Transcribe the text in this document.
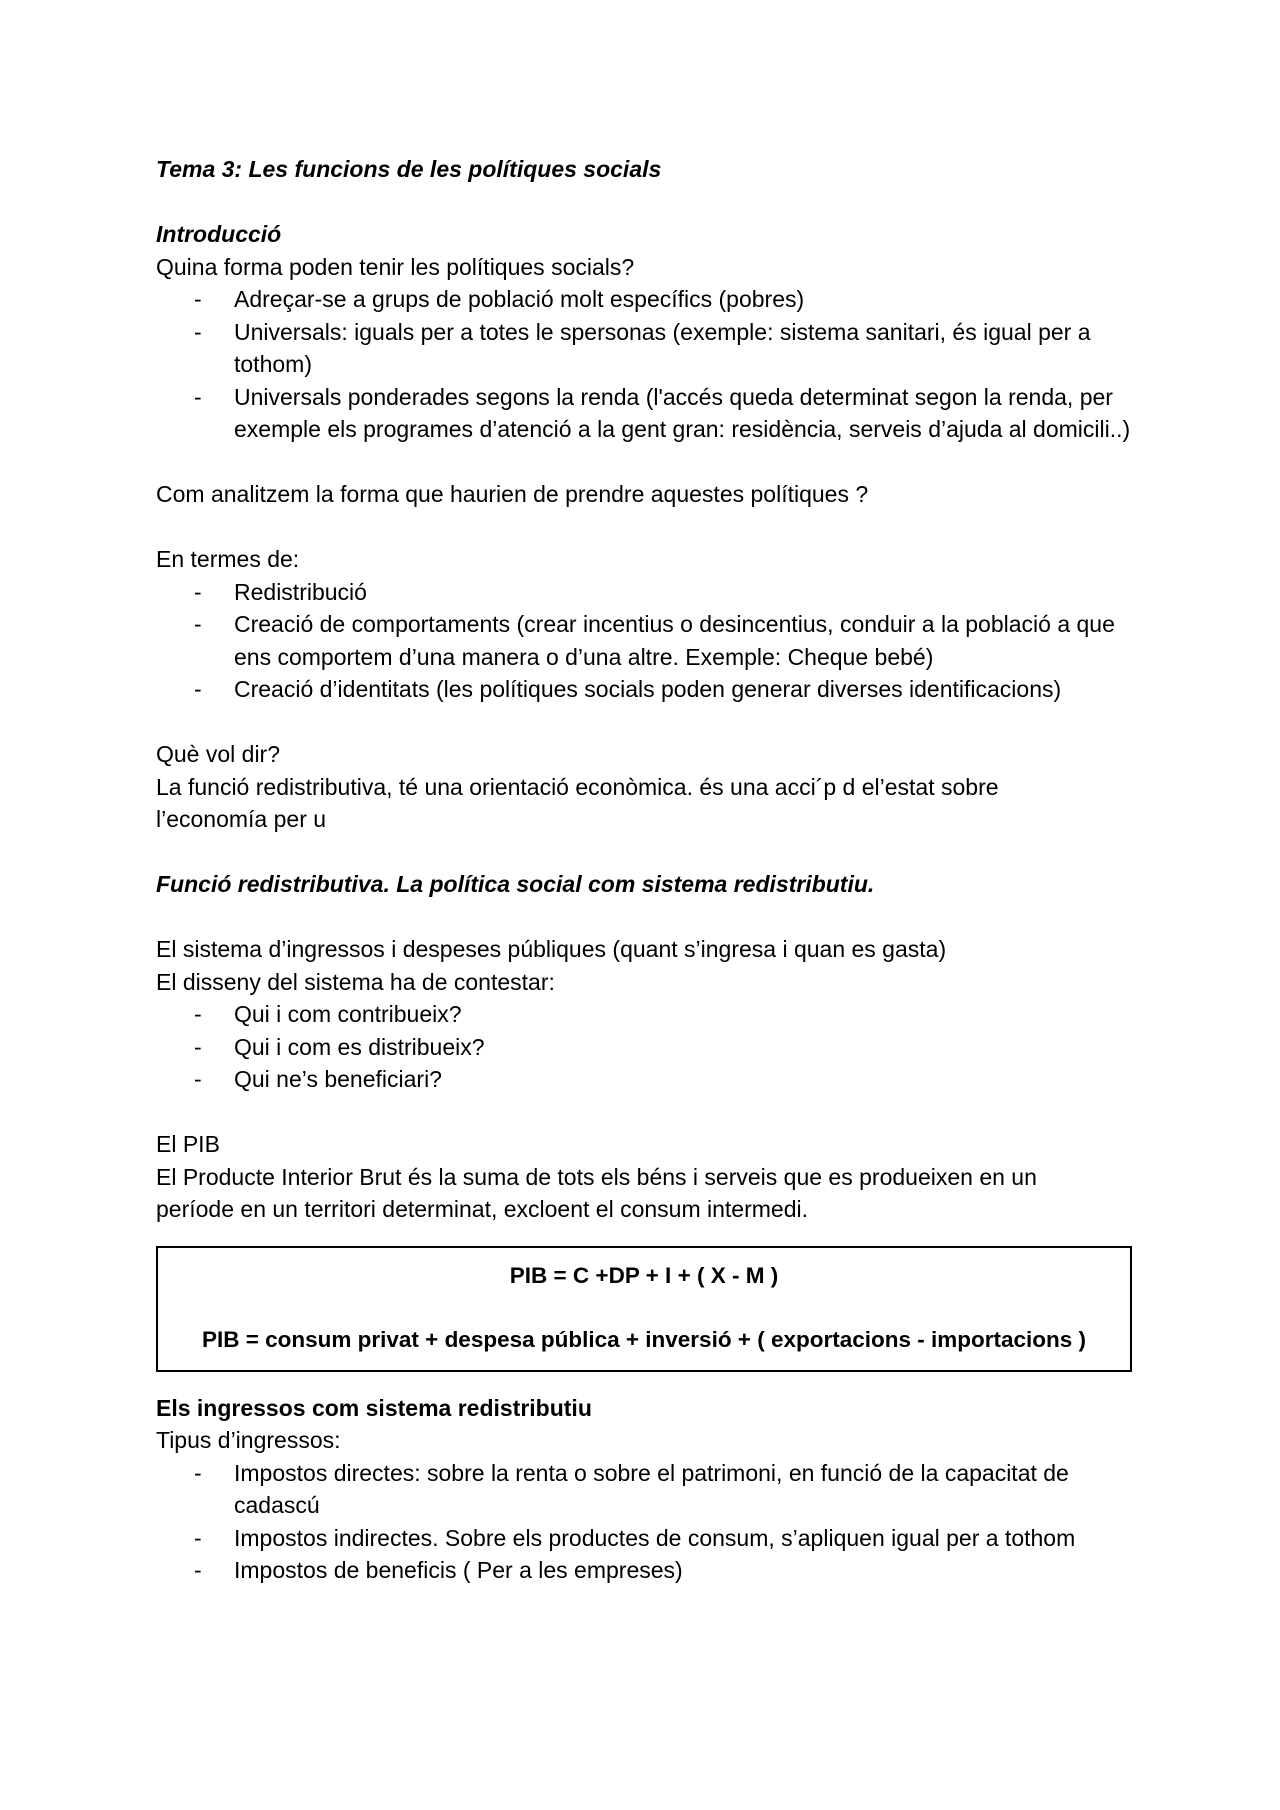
Tema 3: Les funcions de les polítiques socials
Introducció
Quina forma poden tenir les polítiques socials?
- Adreçar-se a grups de població molt específics (pobres)
- Universals: iguals per a totes le spersonas (exemple: sistema sanitari, és igual per a tothom)
- Universals ponderades segons la renda (l'accés queda determinat segon la renda, per exemple els programes d’atenció a la gent gran: residència, serveis d’ajuda al domicili..)
Com analitzem la forma que haurien de prendre aquestes polítiques ?
En termes de:
- Redistribució
- Creació de comportaments (crear incentius o desincentius, conduir a la població a que ens comportem d’una manera o d’una altre. Exemple: Cheque bebé)
- Creació d’identitats (les polítiques socials poden generar diverses identificacions)
Què vol dir?
La funció redistributiva, té una orientació econòmica. és una acci´p d el’estat sobre l’economía per u
Funció redistributiva. La política social com sistema redistributiu.
El sistema d’ingressos i despeses públiques (quant s’ingresa i quan es gasta)
El disseny del sistema ha de contestar:
- Qui i com contribueix?
- Qui i com es distribueix?
- Qui ne’s beneficiari?
El PIB
El Producte Interior Brut és la suma de tots els béns i serveis que es produeixen en un període en un territori determinat, excloent el consum intermedi.
PIB = C +DP + I + ( X - M )
PIB = consum privat + despesa pública + inversió + ( exportacions - importacions )
Els ingressos com sistema redistributiu
Tipus d’ingressos:
- Impostos directes: sobre la renta o sobre el patrimoni, en funció de la capacitat de cadascú
- Impostos indirectes. Sobre els productes de consum, s’apliquen igual per a tothom
- Impostos de beneficis ( Per a les empreses)
